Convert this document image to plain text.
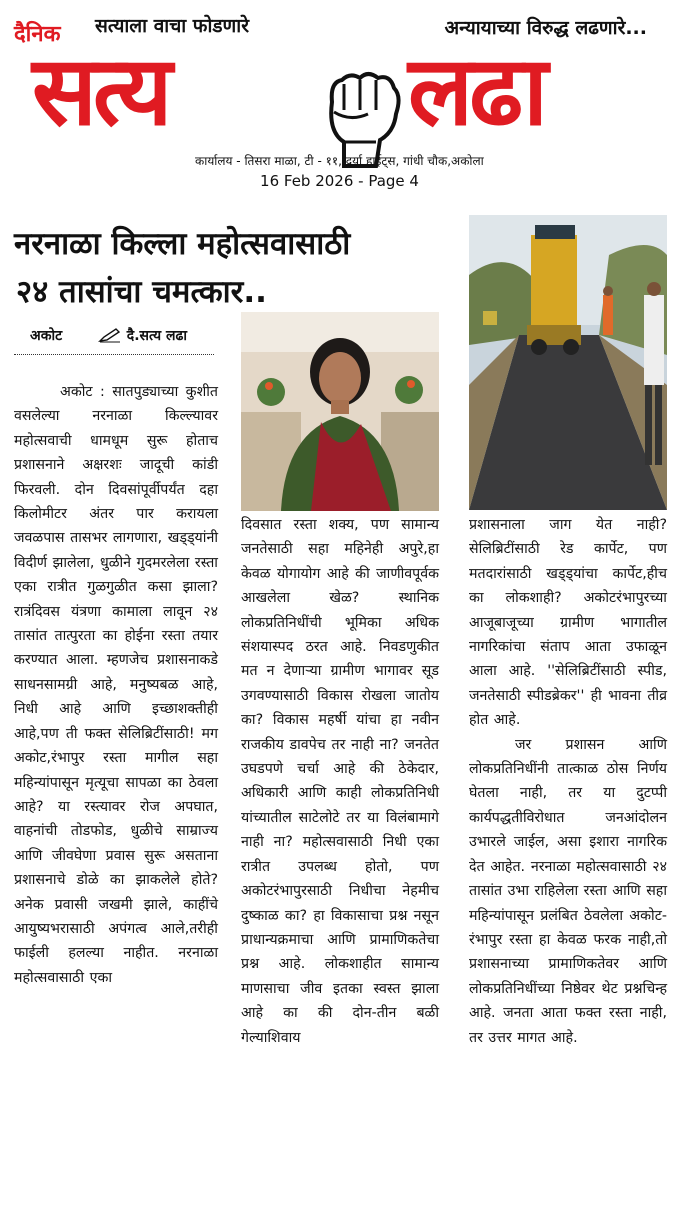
दैनिक सत्याला वाचा फोडणारे	अन्यायाच्या विरुद्ध लढणारे...
सत्य लढा
कार्यालय - तिसरा माळा, टी - ११, दर्या हाईट्स, गांधी चौक,अकोला
16 Feb 2026 - Page 4
नरनाळा किल्ला महोत्सवासाठी
२४ तासांचा चमत्कार..
अकोट	दै.सत्य लढा

अकोट : सातपुड्याच्या कुशीत वसलेल्या नरनाळा किल्ल्यावर महोत्सवाची धामधूम सुरू होताच प्रशासनाने अक्षरशः जादूची कांडी फिरवली. दोन दिवसांपूर्वीपर्यंत दहा किलोमीटर अंतर पार करायला जवळपास तासभर लागणारा, खड्ड्यांनी विदीर्ण झालेला, धुळीने गुदमरलेला रस्ता एका रात्रीत गुळगुळीत कसा झाला? रात्रंदिवस यंत्रणा कामाला लावून २४ तासांत तात्पुरता का होईना रस्ता तयार करण्यात आला. म्हणजेच प्रशासनाकडे साधनसामग्री आहे, मनुष्यबळ आहे, निधी आहे आणि इच्छाशक्तीही आहे,पण ती फक्त सेलिब्रिटींसाठी! मग अकोट,रंभापुर रस्ता मागील सहा महिन्यांपासून मृत्यूचा सापळा का ठेवला आहे? या रस्त्यावर रोज अपघात, वाहनांची तोडफोड, धुळीचे साम्राज्य आणि जीवघेणा प्रवास सुरू असताना प्रशासनाचे डोळे का झाकलेले होते? अनेक प्रवासी जखमी झाले, काहींचे आयुष्यभरासाठी अपंगत्व आले,तरीही फाईली हलल्या नाहीत. नरनाळा महोत्सवासाठी एका

दिवसात रस्ता शक्य, पण सामान्य जनतेसाठी सहा महिनेही अपुरे,हा केवळ योगायोग आहे की जाणीवपूर्वक आखलेला खेळ? स्थानिक लोकप्रतिनिधींची भूमिका अधिक संशयास्पद ठरत आहे. निवडणुकीत मत न देणाऱ्या ग्रामीण भागावर सूड उगवण्यासाठी विकास रोखला जातोय का? विकास महर्षी यांचा हा नवीन राजकीय डावपेच तर नाही ना? जनतेत उघडपणे चर्चा आहे की ठेकेदार, अधिकारी आणि काही लोकप्रतिनिधी यांच्यातील साटेलोटे तर या विलंबामागे नाही ना? महोत्सवासाठी निधी एका रात्रीत उपलब्ध होतो, पण अकोटरंभापुरसाठी निधीचा नेहमीच दुष्काळ का? हा विकासाचा प्रश्न नसून प्राधान्यक्रमाचा आणि प्रामाणिकतेचा प्रश्न आहे. लोकशाहीत सामान्य माणसाचा जीव इतका स्वस्त झाला आहे का की दोन-तीन बळी गेल्याशिवाय

प्रशासनाला जाग येत नाही? सेलिब्रिटींसाठी रेड कार्पेट, पण मतदारांसाठी खड्ड्यांचा कार्पेट,हीच का लोकशाही? अकोटरंभापुरच्या आजूबाजूच्या ग्रामीण भागातील नागरिकांचा संताप आता उफाळून आला आहे. ''सेलिब्रिटींसाठी स्पीड, जनतेसाठी स्पीडब्रेकर'' ही भावना तीव्र होत आहे.

जर प्रशासन आणि लोकप्रतिनिधींनी तात्काळ ठोस निर्णय घेतला नाही, तर या दुटप्पी कार्यपद्धतीविरोधात जनआंदोलन उभारले जाईल, असा इशारा नागरिक देत आहेत. नरनाळा महोत्सवासाठी २४ तासांत उभा राहिलेला रस्ता आणि सहा महिन्यांपासून प्रलंबित ठेवलेला अकोट-रंभापुर रस्ता हा केवळ फरक नाही,तो प्रशासनाच्या प्रामाणिकतेवर आणि लोकप्रतिनिधींच्या निष्ठेवर थेट प्रश्नचिन्ह आहे. जनता आता फक्त रस्ता नाही, तर उत्तर मागत आहे.
